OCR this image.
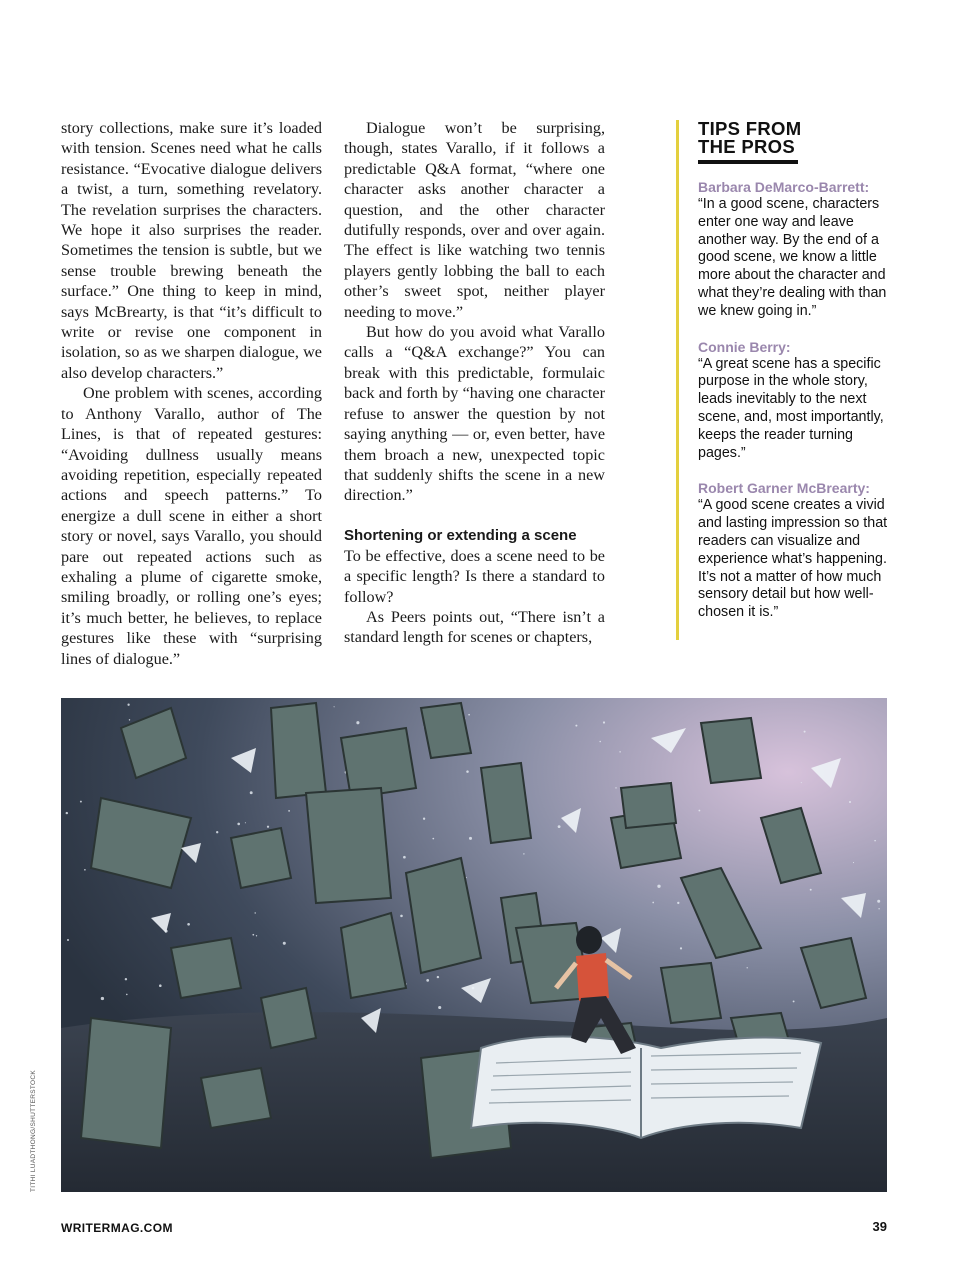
story collections, make sure it’s loaded with tension. Scenes need what he calls resistance. “Evocative dialogue delivers a twist, a turn, something revelatory. The revelation surprises the characters. We hope it also surprises the reader. Sometimes the tension is subtle, but we sense trouble brewing beneath the surface.” One thing to keep in mind, says McBrearty, is that “it’s difficult to write or revise one component in isolation, so as we sharpen dialogue, we also develop characters.”

One problem with scenes, according to Anthony Varallo, author of The Lines, is that of repeated gestures: “Avoiding dullness usually means avoiding repetition, especially repeated actions and speech patterns.” To energize a dull scene in either a short story or novel, says Varallo, you should pare out repeated actions such as exhaling a plume of cigarette smoke, smiling broadly, or rolling one’s eyes; it’s much better, he believes, to replace gestures like these with “surprising lines of dialogue.”

Dialogue won’t be surprising, though, states Varallo, if it follows a predictable Q&A format, “where one character asks another character a question, and the other character dutifully responds, over and over again. The effect is like watching two tennis players gently lobbing the ball to each other’s sweet spot, neither player needing to move.”

But how do you avoid what Varallo calls a “Q&A exchange?” You can break with this predictable, formulaic back and forth by “having one character refuse to answer the question by not saying anything — or, even better, have them broach a new, unexpected topic that suddenly shifts the scene in a new direction.”

Shortening or extending a scene

To be effective, does a scene need to be a specific length? Is there a standard to follow?

As Peers points out, “There isn’t a standard length for scenes or chapters,

TIPS FROM
THE PROS
Barbara DeMarco-Barrett:
“In a good scene, characters enter one way and leave another way. By the end of a good scene, we know a little more about the character and what they’re dealing with than we knew going in.”
Connie Berry:
“A great scene has a specific purpose in the whole story, leads inevitably to the next scene, and, most importantly, keeps the reader turning pages.”
Robert Garner McBrearty:
“A good scene creates a vivid and lasting impression so that readers can visualize and experience what’s happening. It’s not a matter of how much sensory detail but how well-chosen it is.”
TITHI LUADTHONG/SHUTTERSTOCK
WRITERMAG.COM	39
